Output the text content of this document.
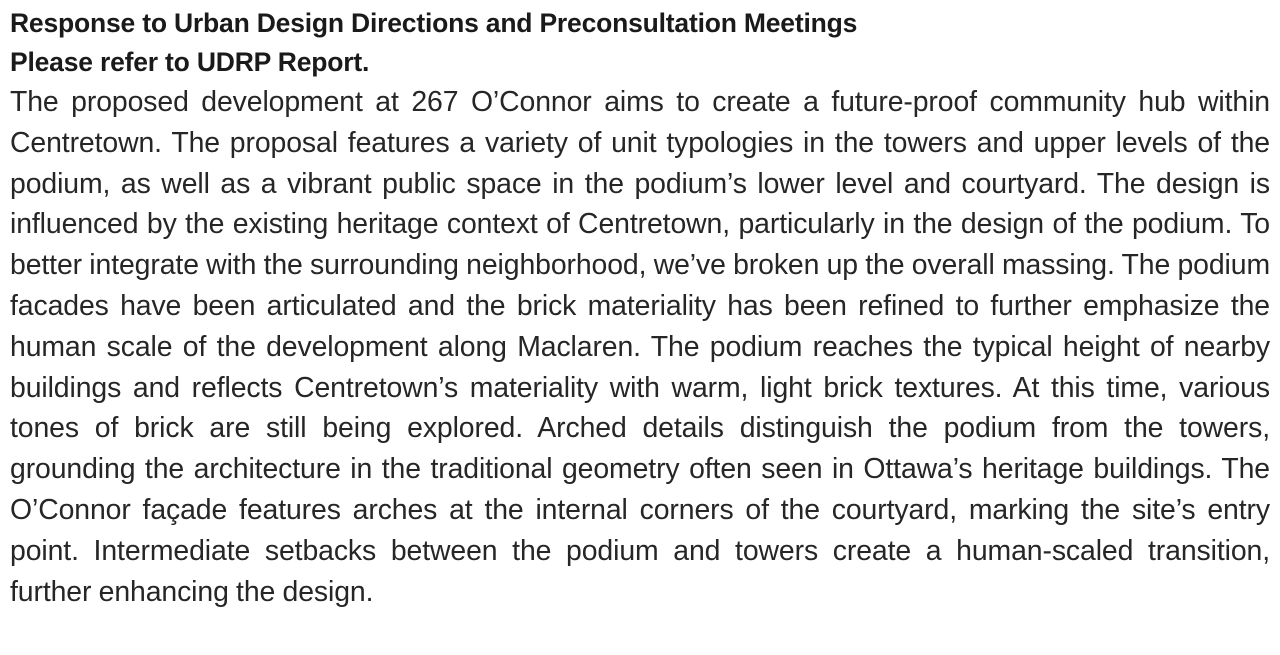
Response to Urban Design Directions and Preconsultation Meetings
Please refer to UDRP Report.

The proposed development at 267 O’Connor aims to create a future-proof community hub within Centretown. The proposal features a variety of unit typologies in the towers and upper levels of the podium, as well as a vibrant public space in the podium’s lower level and courtyard. The design is influenced by the existing heritage context of Centretown, particularly in the design of the podium. To better integrate with the surrounding neighborhood, we’ve broken up the overall massing. The podium facades have been articulated and the brick materiality has been refined to further emphasize the human scale of the development along Maclaren. The podium reaches the typical height of nearby buildings and reflects Centretown’s materiality with warm, light brick textures. At this time, various tones of brick are still being explored. Arched details distinguish the podium from the towers, grounding the architecture in the traditional geometry often seen in Ottawa’s heritage buildings. The O’Connor façade features arches at the internal corners of the courtyard, marking the site’s entry point. Intermediate setbacks between the podium and towers create a human-scaled transition, further enhancing the design.
